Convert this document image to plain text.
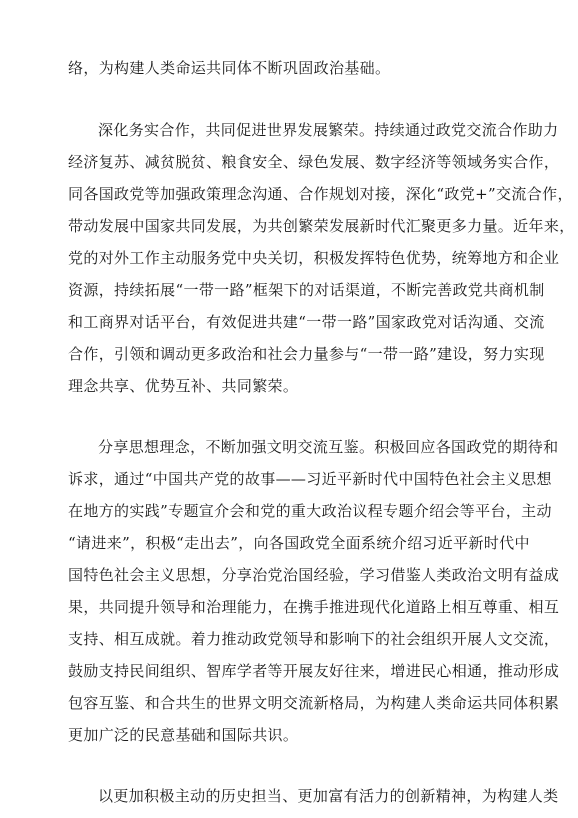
络，为构建人类命运共同体不断巩固政治基础。
深化务实合作，共同促进世界发展繁荣。持续通过政党交流合作助力
经济复苏、减贫脱贫、粮食安全、绿色发展、数字经济等领域务实合作，
同各国政党等加强政策理念沟通、合作规划对接，深化“政党+”交流合作，
带动发展中国家共同发展，为共创繁荣发展新时代汇聚更多力量。近年来，
党的对外工作主动服务党中央关切，积极发挥特色优势，统筹地方和企业
资源，持续拓展“一带一路”框架下的对话渠道，不断完善政党共商机制
和工商界对话平台，有效促进共建“一带一路”国家政党对话沟通、交流
合作，引领和调动更多政治和社会力量参与“一带一路”建设，努力实现
理念共享、优势互补、共同繁荣。
分享思想理念，不断加强文明交流互鉴。积极回应各国政党的期待和
诉求，通过“中国共产党的故事——习近平新时代中国特色社会主义思想
在地方的实践”专题宣介会和党的重大政治议程专题介绍会等平台，主动
“请进来”，积极“走出去”，向各国政党全面系统介绍习近平新时代中
国特色社会主义思想，分享治党治国经验，学习借鉴人类政治文明有益成
果，共同提升领导和治理能力，在携手推进现代化道路上相互尊重、相互
支持、相互成就。着力推动政党领导和影响下的社会组织开展人文交流，
鼓励支持民间组织、智库学者等开展友好往来，增进民心相通，推动形成
包容互鉴、和合共生的世界文明交流新格局，为构建人类命运共同体积累
更加广泛的民意基础和国际共识。
以更加积极主动的历史担当、更加富有活力的创新精神，为构建人类
